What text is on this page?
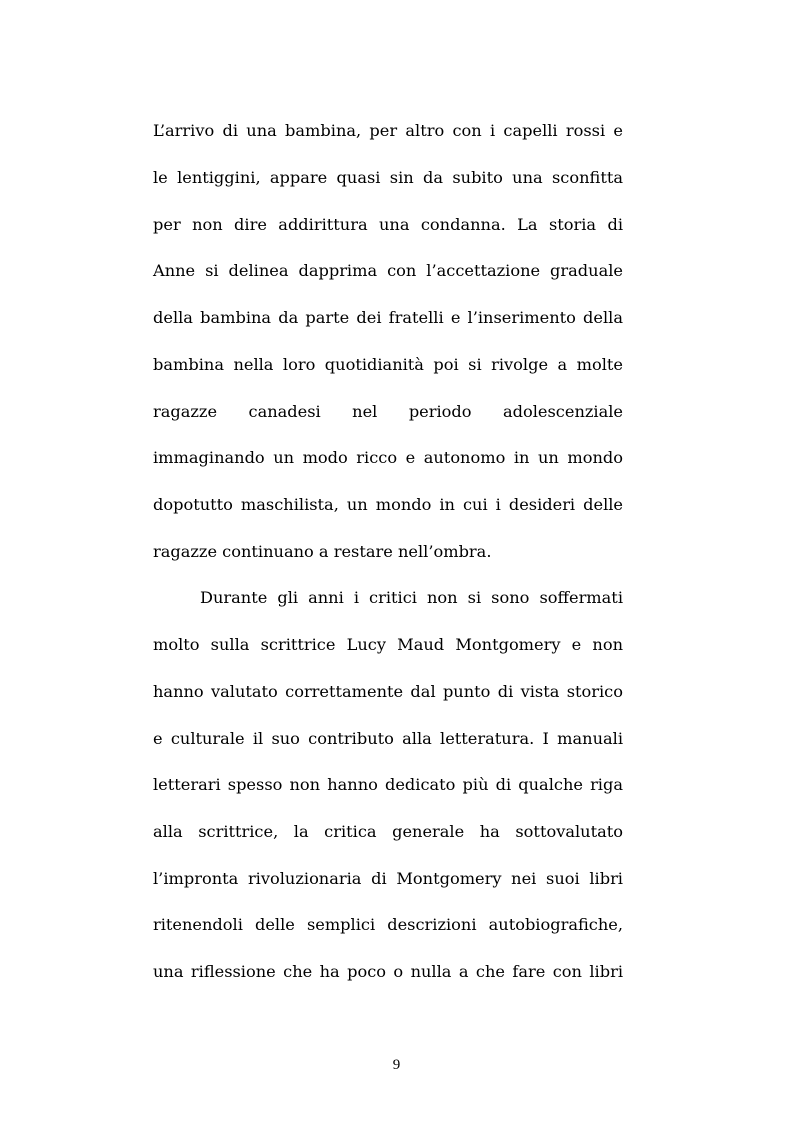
L’arrivo di una bambina, per altro con i capelli rossi e
le lentiggini, appare quasi sin da subito una sconfitta
per non dire addirittura una condanna. La storia di
Anne si delinea dapprima con l’accettazione graduale
della bambina da parte dei fratelli e l’inserimento della
bambina nella loro quotidianità poi si rivolge a molte
ragazze canadesi nel periodo adolescenziale
immaginando un modo ricco e autonomo in un mondo
dopotutto maschilista, un mondo in cui i desideri delle
ragazze continuano a restare nell’ombra.
Durante gli anni i critici non si sono soffermati
molto sulla scrittrice Lucy Maud Montgomery e non
hanno valutato correttamente dal punto di vista storico
e culturale il suo contributo alla letteratura. I manuali
letterari spesso non hanno dedicato più di qualche riga
alla scrittrice, la critica generale ha sottovalutato
l’impronta rivoluzionaria di Montgomery nei suoi libri
ritenendoli delle semplici descrizioni autobiografiche,
una riflessione che ha poco o nulla a che fare con libri
9
